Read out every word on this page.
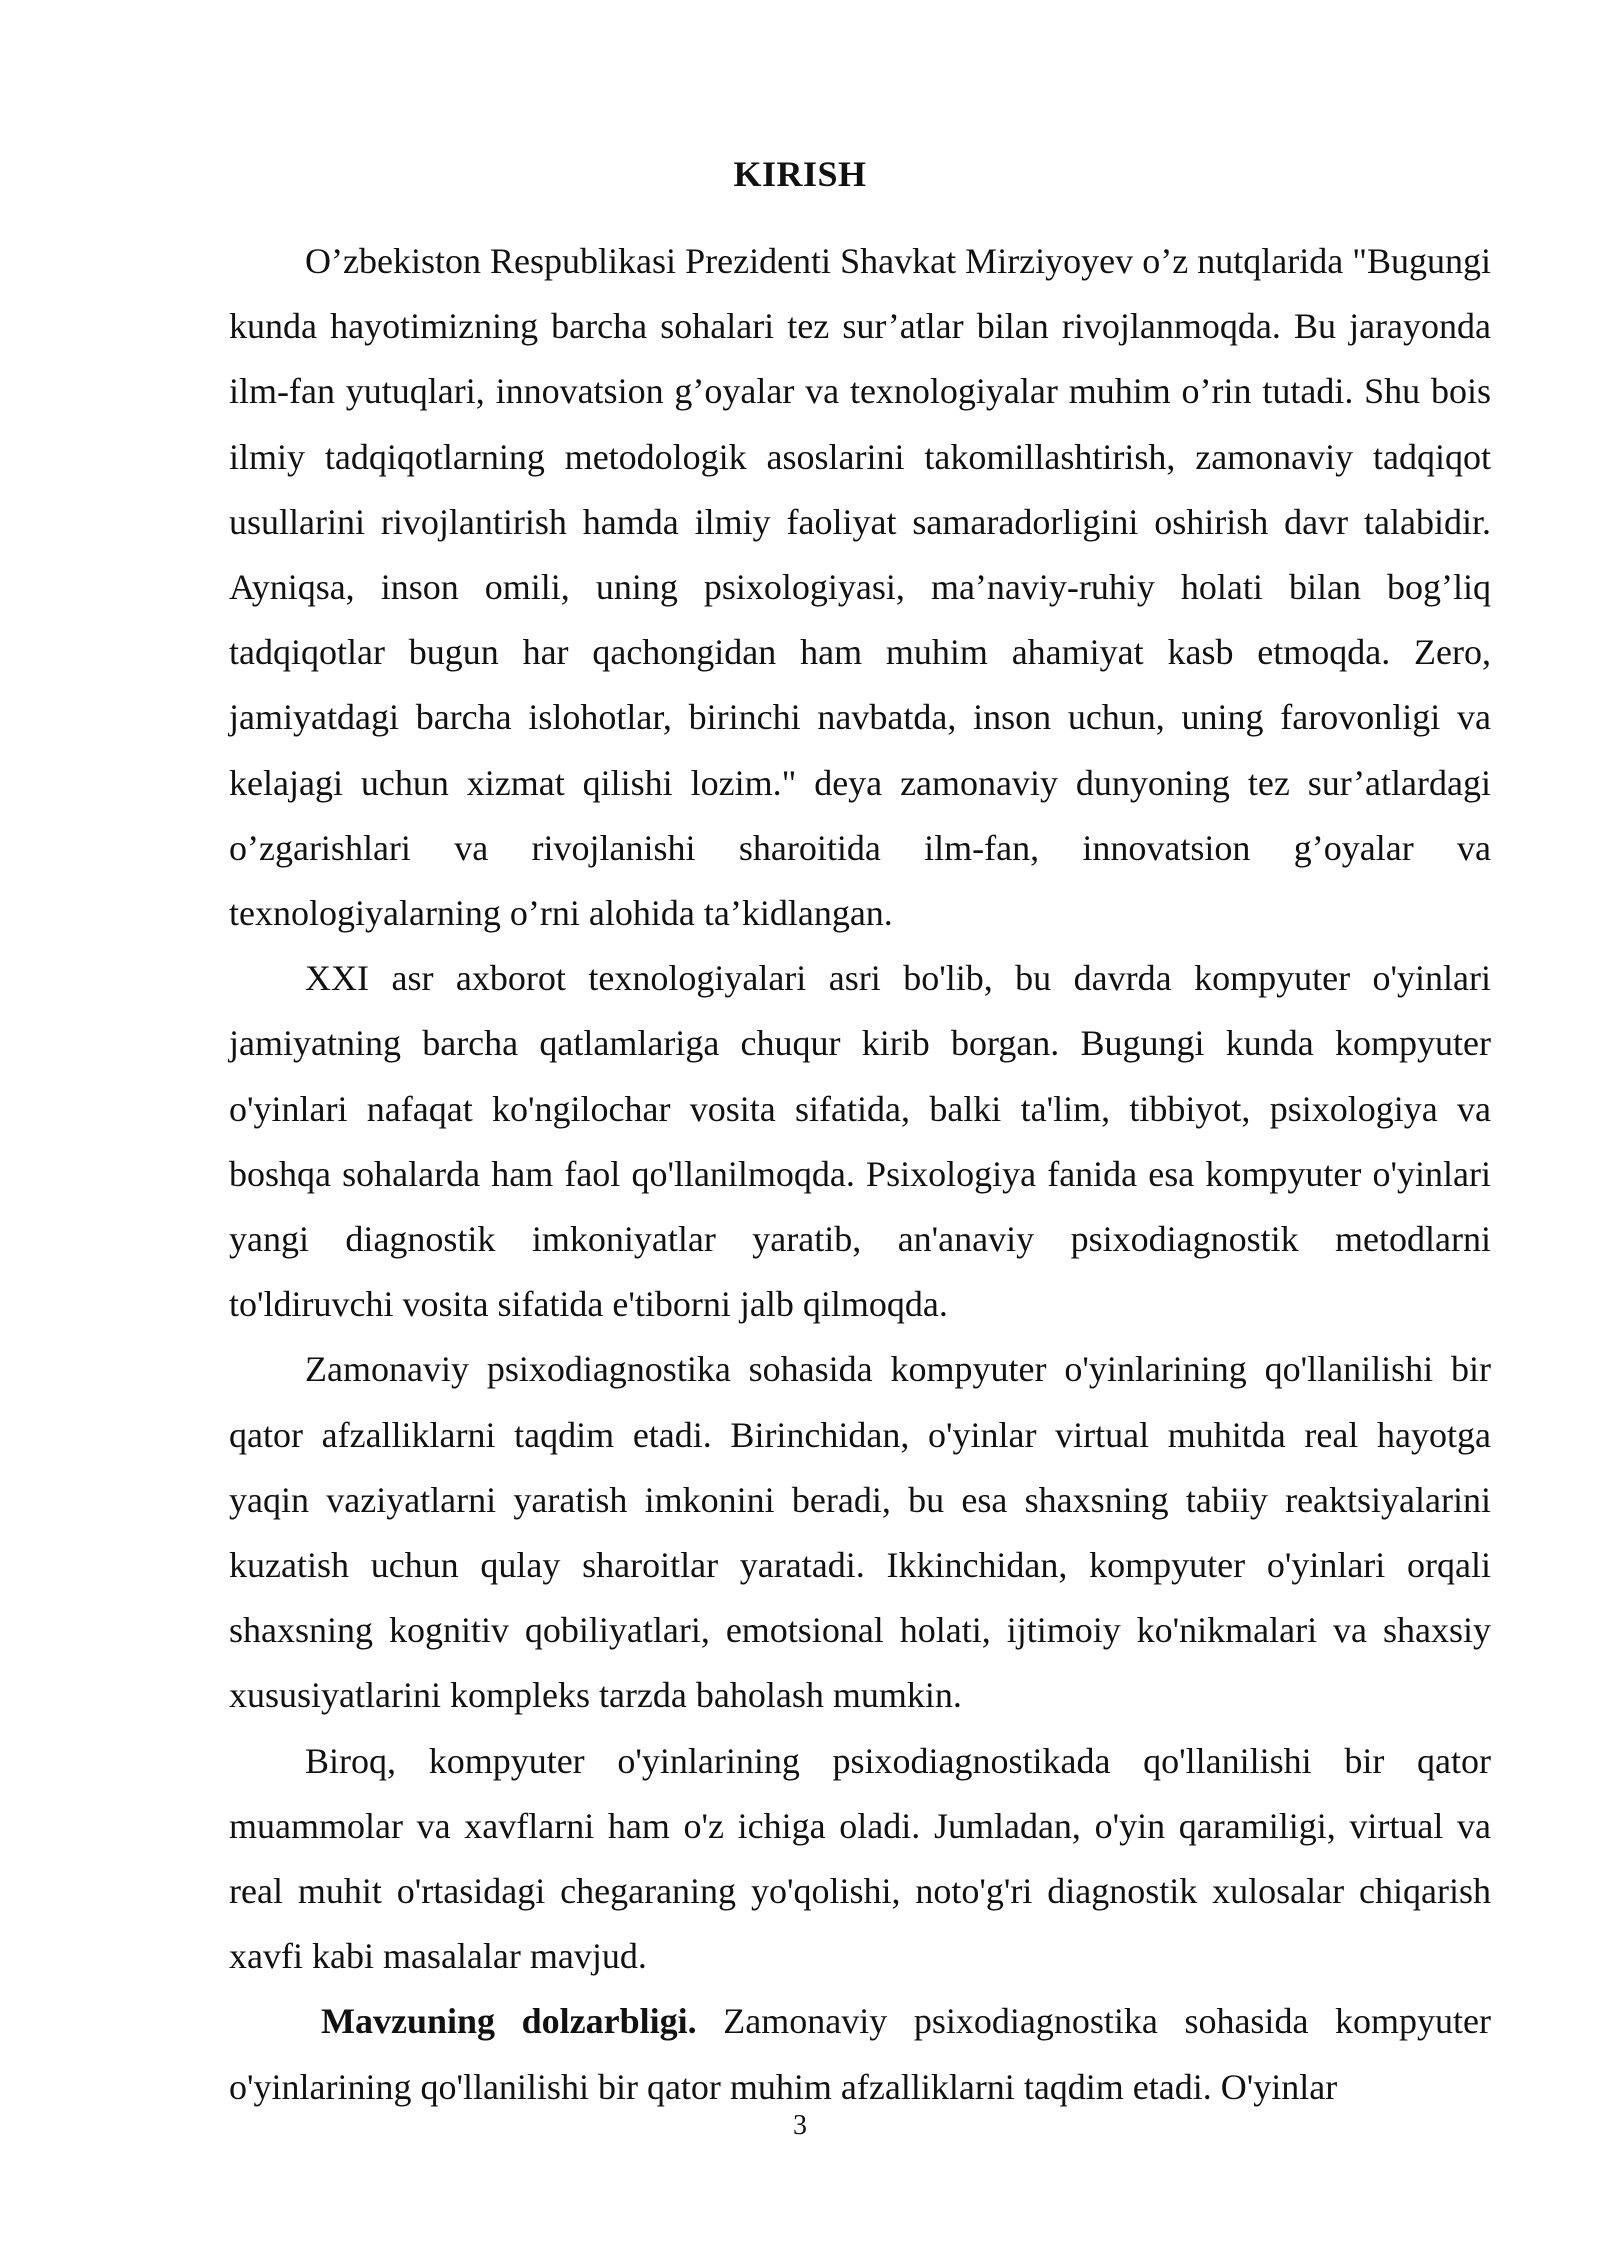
KIRISH

O’zbekiston Respublikasi Prezidenti Shavkat Mirziyoyev o’z nutqlarida "Bugungi kunda hayotimizning barcha sohalari tez sur’atlar bilan rivojlanmoqda. Bu jarayonda ilm-fan yutuqlari, innovatsion g’oyalar va texnologiyalar muhim o’rin tutadi. Shu bois ilmiy tadqiqotlarning metodologik asoslarini takomillashtirish, zamonaviy tadqiqot usullarini rivojlantirish hamda ilmiy faoliyat samaradorligini oshirish davr talabidir. Ayniqsa, inson omili, uning psixologiyasi, ma’naviy-ruhiy holati bilan bog’liq tadqiqotlar bugun har qachongidan ham muhim ahamiyat kasb etmoqda. Zero, jamiyatdagi barcha islohotlar, birinchi navbatda, inson uchun, uning farovonligi va kelajagi uchun xizmat qilishi lozim." deya zamonaviy dunyoning tez sur’atlardagi o’zgarishlari va rivojlanishi sharoitida ilm-fan, innovatsion g’oyalar va texnologiyalarning o’rni alohida ta’kidlangan.

XXI asr axborot texnologiyalari asri bo'lib, bu davrda kompyuter o'yinlari jamiyatning barcha qatlamlariga chuqur kirib borgan. Bugungi kunda kompyuter o'yinlari nafaqat ko'ngilochar vosita sifatida, balki ta'lim, tibbiyot, psixologiya va boshqa sohalarda ham faol qo'llanilmoqda. Psixologiya fanida esa kompyuter o'yinlari yangi diagnostik imkoniyatlar yaratib, an'anaviy psixodiagnostik metodlarni to'ldiruvchi vosita sifatida e'tiborni jalb qilmoqda.

Zamonaviy psixodiagnostika sohasida kompyuter o'yinlarining qo'llanilishi bir qator afzalliklarni taqdim etadi. Birinchidan, o'yinlar virtual muhitda real hayotga yaqin vaziyatlarni yaratish imkonini beradi, bu esa shaxsning tabiiy reaktsiyalarini kuzatish uchun qulay sharoitlar yaratadi. Ikkinchidan, kompyuter o'yinlari orqali shaxsning kognitiv qobiliyatlari, emotsional holati, ijtimoiy ko'nikmalari va shaxsiy xususiyatlarini kompleks tarzda baholash mumkin.

Biroq, kompyuter o'yinlarining psixodiagnostikada qo'llanilishi bir qator muammolar va xavflarni ham o'z ichiga oladi. Jumladan, o'yin qaramiligi, virtual va real muhit o'rtasidagi chegaraning yo'qolishi, noto'g'ri diagnostik xulosalar chiqarish xavfi kabi masalalar mavjud.

Mavzuning dolzarbligi. Zamonaviy psixodiagnostika sohasida kompyuter o'yinlarining qo'llanilishi bir qator muhim afzalliklarni taqdim etadi. O'yinlar

3
